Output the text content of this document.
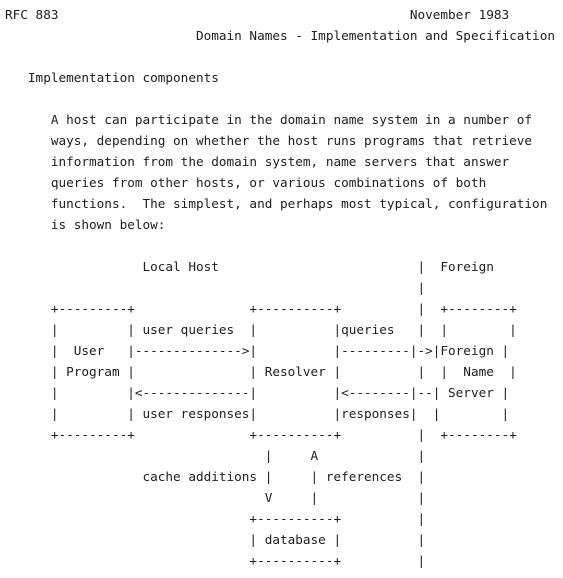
RFC 883                                              November 1983
Domain Names - Implementation and Specification
Implementation components
A host can participate in the domain name system in a number of
ways, depending on whether the host runs programs that retrieve
information from the domain system, name servers that answer
queries from other hosts, or various combinations of both
functions.  The simplest, and perhaps most typical, configuration
is shown below:
Local Host                          |  Foreign
|
+---------+               +----------+          |  +--------+
|         | user queries  |          |queries   |  |        |
|  User   |-------------->|          |---------|->|Foreign |
| Program |               | Resolver |          |  |  Name  |
|         |<--------------|          |<--------|--| Server |
|         | user responses|          |responses|  |        |
+---------+               +----------+          |  +--------+
|     A             |
cache additions |     | references  |
V     |             |
+----------+          |
| database |          |
+----------+          |
